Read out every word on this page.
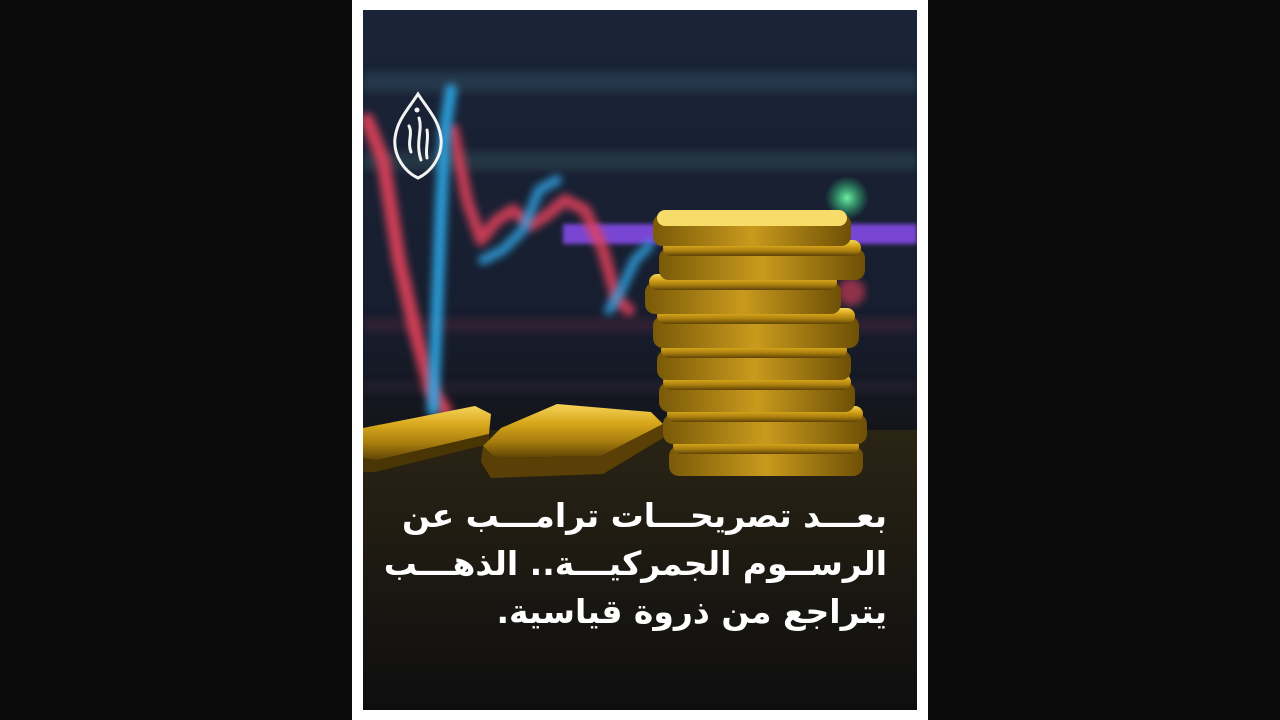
بعـــد تصريحـــات ترامـــب عن
الرســوم الجمركيـــة.. الذهـــب
يتراجع من ذروة قياسية.
